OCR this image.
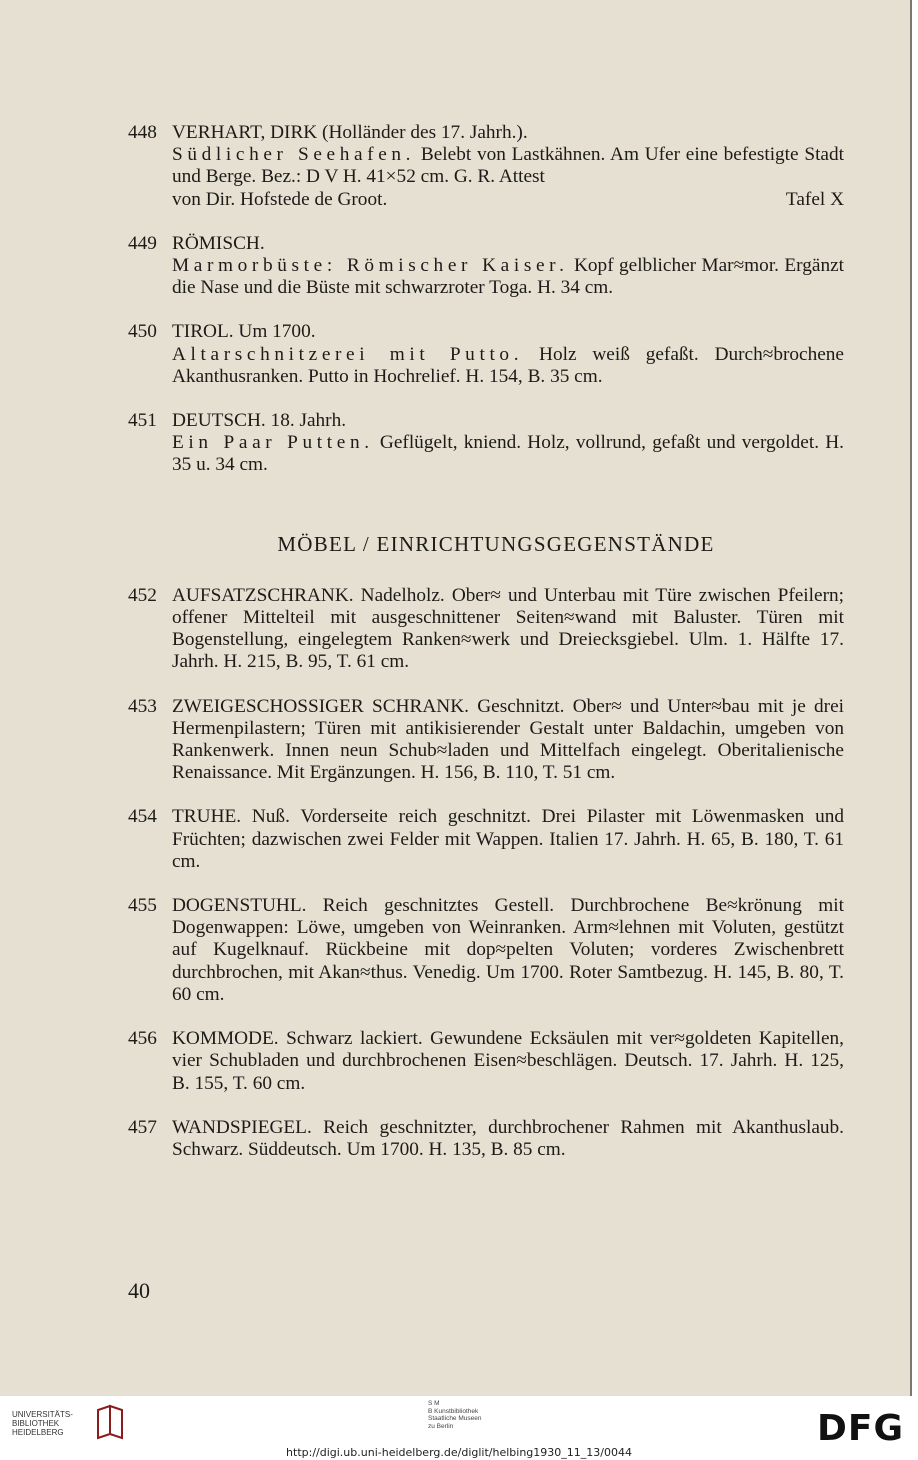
448 VERHART, DIRK (Holländer des 17. Jahrh.).

Südlicher Seehafen. Belebt von Lastkähnen. Am Ufer eine befestigte Stadt und Berge. Bez.: D V H. 41×52 cm. G. R. Attest

von Dir. Hofstede de Groot.	Tafel X
449 RÖMISCH.

Marmorbüste: Römischer Kaiser. Kopf gelblicher Mar≈mor. Ergänzt die Nase und die Büste mit schwarzroter Toga. H. 34 cm.

450 TIROL. Um 1700.

Altarschnitzerei mit Putto. Holz weiß gefaßt. Durch≈brochene Akanthusranken. Putto in Hochrelief. H. 154, B. 35 cm.

451 DEUTSCH. 18. Jahrh.

Ein Paar Putten. Geflügelt, kniend. Holz, vollrund, gefaßt und vergoldet. H. 35 u. 34 cm.

MÖBEL / EINRICHTUNGSGEGENSTÄNDE
452 AUFSATZSCHRANK. Nadelholz. Ober≈ und Unterbau mit Türe zwischen Pfeilern; offener Mittelteil mit ausgeschnittener Seiten≈wand mit Baluster. Türen mit Bogenstellung, eingelegtem Ranken≈werk und Dreiecksgiebel. Ulm. 1. Hälfte 17. Jahrh. H. 215, B. 95, T. 61 cm.
453 ZWEIGESCHOSSIGER SCHRANK. Geschnitzt. Ober≈ und Unter≈bau mit je drei Hermenpilastern; Türen mit antikisierender Gestalt unter Baldachin, umgeben von Rankenwerk. Innen neun Schub≈laden und Mittelfach eingelegt. Oberitalienische Renaissance. Mit Ergänzungen. H. 156, B. 110, T. 51 cm.
454 TRUHE. Nuß. Vorderseite reich geschnitzt. Drei Pilaster mit Löwenmasken und Früchten; dazwischen zwei Felder mit Wappen. Italien 17. Jahrh. H. 65, B. 180, T. 61 cm.
455 DOGENSTUHL. Reich geschnitztes Gestell. Durchbrochene Be≈krönung mit Dogenwappen: Löwe, umgeben von Weinranken. Arm≈lehnen mit Voluten, gestützt auf Kugelknauf. Rückbeine mit dop≈pelten Voluten; vorderes Zwischenbrett durchbrochen, mit Akan≈thus. Venedig. Um 1700. Roter Samtbezug. H. 145, B. 80, T. 60 cm.
456 KOMMODE. Schwarz lackiert. Gewundene Ecksäulen mit ver≈goldeten Kapitellen, vier Schubladen und durchbrochenen Eisen≈beschlägen. Deutsch. 17. Jahrh. H. 125, B. 155, T. 60 cm.
457 WANDSPIEGEL. Reich geschnitzter, durchbrochener Rahmen mit Akanthuslaub. Schwarz. Süddeutsch. Um 1700. H. 135, B. 85 cm.
40
UNIVERSITÄTS-
BIBLIOTHEK
HEIDELBERG
S M
B Kunstbibliothek
Staatliche Museen
zu Berlin	DFG
http://digi.ub.uni-heidelberg.de/diglit/helbing1930_11_13/0044
